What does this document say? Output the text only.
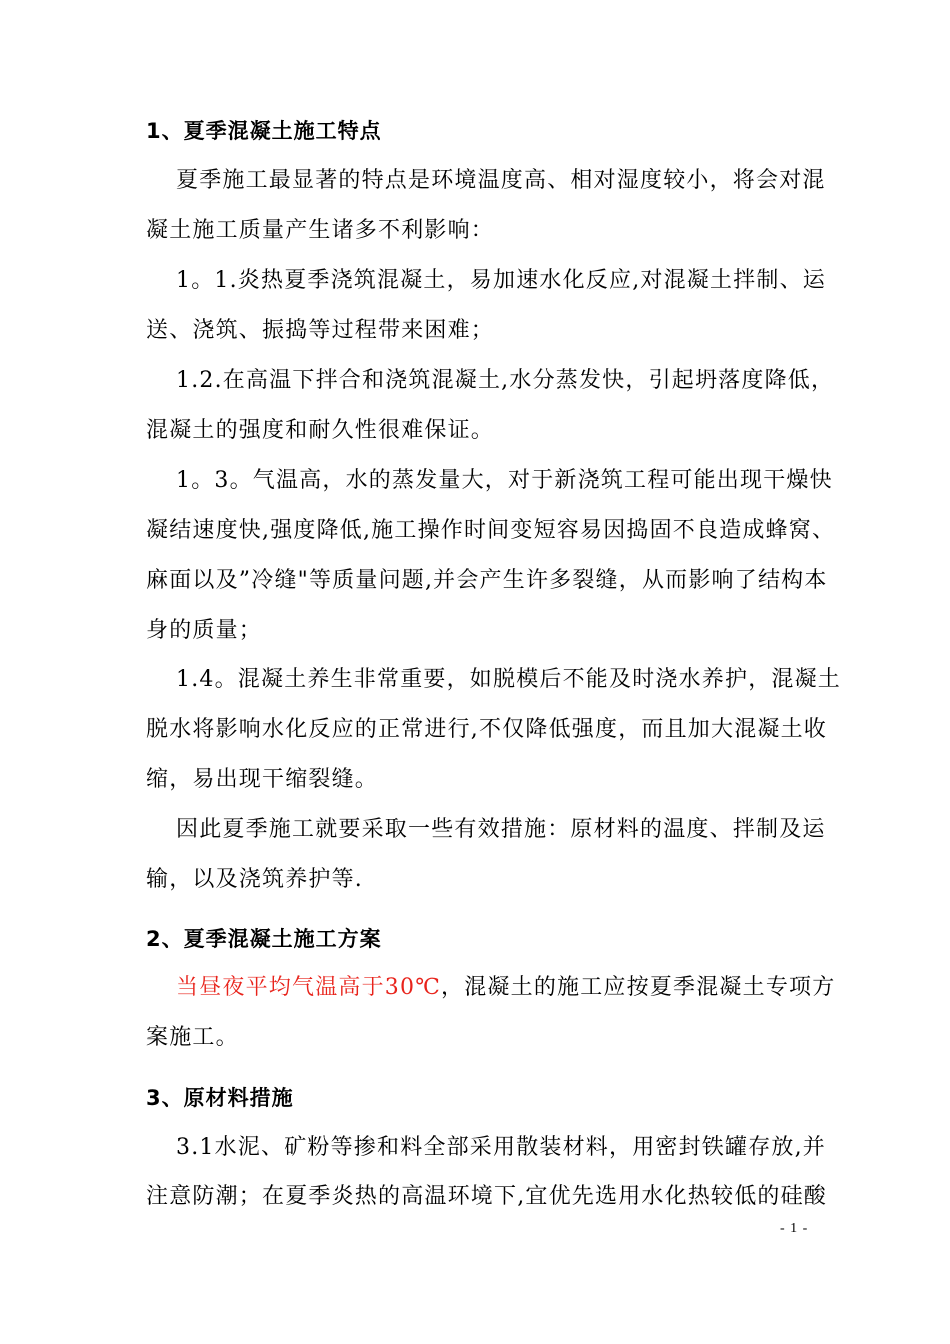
1、夏季混凝土施工特点
夏季施工最显著的特点是环境温度高、相对湿度较小，将会对混
凝土施工质量产生诸多不利影响：
1。1.炎热夏季浇筑混凝土，易加速水化反应,对混凝土拌制、运
送、浇筑、振捣等过程带来困难；
1.2.在高温下拌合和浇筑混凝土,水分蒸发快，引起坍落度降低，
混凝土的强度和耐久性很难保证。
1。3。气温高，水的蒸发量大，对于新浇筑工程可能出现干燥快
凝结速度快,强度降低,施工操作时间变短容易因捣固不良造成蜂窝、
麻面以及”冷缝"等质量问题,并会产生许多裂缝，从而影响了结构本
身的质量；
1.4。混凝土养生非常重要，如脱模后不能及时浇水养护，混凝土
脱水将影响水化反应的正常进行,不仅降低强度，而且加大混凝土收
缩，易出现干缩裂缝。
因此夏季施工就要采取一些有效措施：原材料的温度、拌制及运
输，以及浇筑养护等.
2、夏季混凝土施工方案
当昼夜平均气温高于30℃，混凝土的施工应按夏季混凝土专项方
案施工。
3、原材料措施
3.1水泥、矿粉等掺和料全部采用散装材料，用密封铁罐存放,并
注意防潮；在夏季炎热的高温环境下,宜优先选用水化热较低的硅酸
- 1 -
